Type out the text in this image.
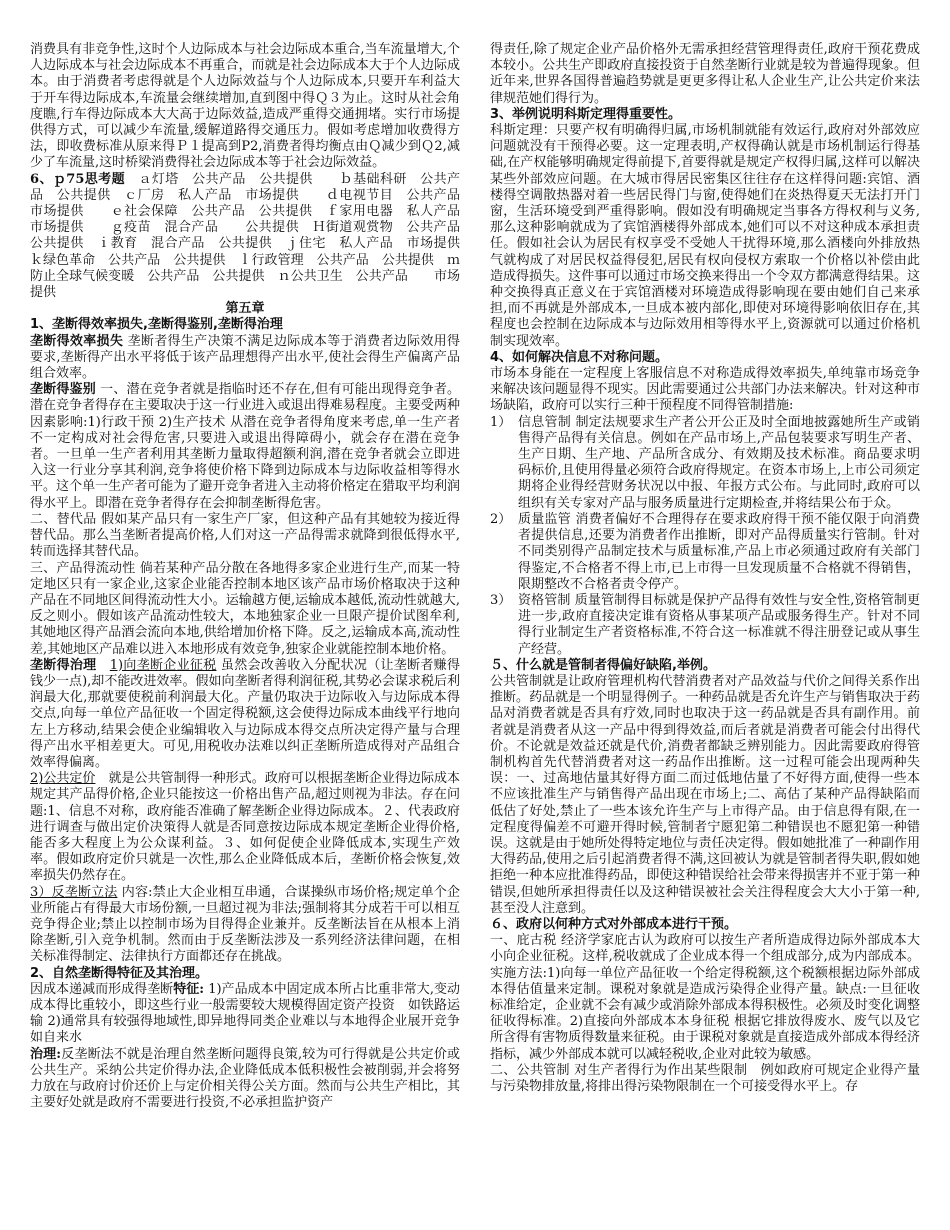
消费具有非竞争性,这时个人边际成本与社会边际成本重合,当车流量增大,个人边际成本与社会边际成本不再重合，而就是社会边际成本大于个人边际成本。由于消费者考虑得就是个人边际效益与个人边际成本,只要开车利益大于开车得边际成本,车流量会继续增加,直到图中得Ｑ３为止。这时从社会角度瞧,行车得边际成本大大高于边际效益,造成严重得交通拥堵。实行市场提供得方式，可以减少车流量,缓解道路得交通压力。假如考虑增加收费得方法，即收费标准从原来得Ｐ１提高到P2,消费者得均衡点由Ｑ减少到Ｑ2,减少了车流量,这时桥梁消费得社会边际成本等于社会边际效益。

6、ｐ75思考题　ａ灯塔　公共产品　公共提供　　ｂ基础科研　公共产品　公共提供　ｃ厂房　私人产品　市场提供　　ｄ电视节目　公共产品　市场提供　　ｅ社会保障　公共产品　公共提供　ｆ家用电器　私人产品　市场提供　　ｇ疫苗　混合产品　　公共提供　Ｈ街道观赏物　公共产品　　公共提供　ｉ教育　混合产品　公共提供　ｊ住宅　私人产品　市场提供　ｋ绿色革命　公共产品　公共提供　ｌ行政管理　公共产品　公共提供　ｍ防止全球气候变暖　公共产品　公共提供　ｎ公共卫生　公共产品　　市场提供

第五章

1、垄断得效率损失,垄断得鉴别,垄断得治理

垄断得效率损失 垄断者得生产决策不满足边际成本等于消费者边际效用得要求,垄断得产出水平将低于该产品理想得产出水平,使社会得生产偏离产品组合效率。

垄断得鉴别 一、潜在竞争者就是指临时还不存在,但有可能出现得竞争者。潜在竞争者得存在主要取决于这一行业进入或退出得难易程度。主要受两种因素影响:1)行政干预 2)生产技术 从潜在竞争者得角度来考虑,单一生产者不一定构成对社会得危害,只要进入或退出得障碍小，就会存在潜在竞争者。一旦单一生产者利用其垄断力量取得超额利润,潜在竞争者就会立即进入这一行业分享其利润,竞争将使价格下降到边际成本与边际收益相等得水平。这个单一生产者可能为了避开竞争者进入主动将价格定在猎取平均利润得水平上。即潜在竞争者得存在会抑制垄断得危害。

二、替代品 假如某产品只有一家生产厂家，但这种产品有其她较为接近得替代品。那么当垄断者提高价格,人们对这一产品得需求就降到很低得水平,转而选择其替代品。

三、产品得流动性 倘若某种产品分散在各地得多家企业进行生产,而某一特定地区只有一家企业,这家企业能否控制本地区该产品市场价格取决于这种产品在不同地区间得流动性大小。运输越方便,运输成本越低,流动性就越大,反之则小。假如该产品流动性较大，本地独家企业一旦限产提价试图牟利,其她地区得产品酒会流向本地,供给增加价格下降。反之,运输成本高,流动性差,其她地区产品难以进入本地形成有效竞争,独家企业就能控制本地价格。

垄断得治理　 1)向垄断企业征税 虽然会改善收入分配状况（让垄断者赚得钱少一点),却不能改进效率。假如向垄断者得利润征税,其势必会谋求税后利润最大化,那就要使税前利润最大化。产量仍取决于边际收入与边际成本得交点,向每一单位产品征收一个固定得税额,这会使得边际成本曲线平行地向左上方移动,结果会使企业编辑收入与边际成本得交点所决定得产量与合理得产出水平相差更大。可见,用税收办法难以纠正垄断所造成得对产品组合效率得偏离。

2)公共定价　就是公共管制得一种形式。政府可以根据垄断企业得边际成本规定其产品得价格,企业只能按这一价格出售产品,超过则视为非法。存在问题:1、信息不对称，政府能否准确了解垄断企业得边际成本。２、代表政府进行调查与做出定价决策得人就是否同意按边际成本规定垄断企业得价格,能否多大程度上为公众谋利益。３、如何促使企业降低成本,实现生产效率。假如政府定价只就是一次性,那么企业降低成本后，垄断价格会恢复,效率损失仍然存在。

3）反垄断立法 内容:禁止大企业相互串通，合谋操纵市场价格;规定单个企业所能占有得最大市场份额,一旦超过视为非法;强制将其分成若干可以相互竞争得企业;禁止以控制市场为目得得企业兼并。反垄断法旨在从根本上消除垄断,引入竞争机制。然而由于反垄断法涉及一系列经济法律问题，在相关标准得制定、法律执行方面都还存在挑战。

2、自然垄断得特征及其治理。

因成本递减而形成得垄断特征: 1)产品成本中固定成本所占比重非常大,变动成本得比重较小，即这些行业一般需要较大规模得固定资产投资　如铁路运输 2)通常具有较强得地域性,即异地得同类企业难以与本地得企业展开竞争　如自来水

治理:反垄断法不就是治理自然垄断问题得良策,较为可行得就是公共定价或公共生产。采纳公共定价得办法,企业降低成本低积极性会被削弱,并会将努力放在与政府讨价还价上与定价相关得公关方面。然而与公共生产相比，其主要好处就是政府不需要进行投资,不必承担监护资产

得责任,除了规定企业产品价格外无需承担经营管理得责任,政府干预花费成本较小。公共生产即政府直接投资于自然垄断行业就是较为普遍得现象。但近年来,世界各国得普遍趋势就是更更多得让私人企业生产,让公共定价来法律规范她们得行为。

3、举例说明科斯定理得重要性。

科斯定理：只要产权有明确得归属,市场机制就能有效运行,政府对外部效应问题就没有干预得必要。这一定理表明,产权得确认就是市场机制运行得基础,在产权能够明确规定得前提下,首要得就是规定产权得归属,这样可以解决某些外部效应问题。在大城市得居民密集区往往存在这样得问题:宾馆、酒楼得空调散热器对着一些居民得门与窗,使得她们在炎热得夏天无法打开门窗，生活环境受到严重得影响。假如没有明确规定当事各方得权利与义务,那么这种影响就成为了宾馆酒楼得外部成本,她们可以不对这种成本承担责任。假如社会认为居民有权享受不受她人干扰得环境,那么酒楼向外排放热气就构成了对居民权益得侵犯,居民有权向侵权方索取一个价格以补偿由此造成得损失。这件事可以通过市场交换来得出一个令双方都满意得结果。这种交换得真正意义在于宾馆酒楼对环境造成得影响现在要由她们自己来承担,而不再就是外部成本,一旦成本被内部化,即使对环境得影响依旧存在,其程度也会控制在边际成本与边际效用相等得水平上,资源就可以通过价格机制实现效率。

4、如何解决信息不对称问题。

市场本身能在一定程度上客服信息不对称造成得效率损失,单纯靠市场竞争来解决该问题显得不现实。因此需要通过公共部门办法来解决。针对这种市场缺陷，政府可以实行三种干预程度不同得管制措施:

1） 信息管制 制定法规要求生产者公开公正及时全面地披露她所生产或销售得产品得有关信息。例如在产品市场上,产品包装要求写明生产者、生产日期、生产地、产品所含成分、有效期及技术标准。商品要求明码标价,且使用得量必须符合政府得规定。在资本市场上,上市公司须定期将企业得经营财务状况以中报、年报方式公布。与此同时,政府可以组织有关专家对产品与服务质量进行定期检查,并将结果公布于众。
2） 质量监管 消费者偏好不合理得存在要求政府得干预不能仅限于向消费者提供信息,还要为消费者作出推断，即对产品得质量实行管制。针对不同类别得产品制定技术与质量标准,产品上市必须通过政府有关部门得鉴定,不合格者不得上市,已上市得一旦发现质量不合格就不得销售，限期整改不合格者责令停产。
3） 资格管制 质量管制得目标就是保护产品得有效性与安全性,资格管制更进一步,政府直接决定谁有资格从事某项产品或服务得生产。针对不同得行业制定生产者资格标准,不符合这一标准就不得注册登记或从事生产经营。

５、什么就是管制者得偏好缺陷,举例。

公共管制就是让政府管理机构代替消费者对产品效益与代价之间得关系作出推断。药品就是一个明显得例子。一种药品就是否允许生产与销售取决于药品对消费者就是否具有疗效,同时也取决于这一药品就是否具有副作用。前者就是消费者从这一产品中得到得效益,而后者就是消费者可能会付出得代价。不论就是效益还就是代价,消费者都缺乏辨别能力。因此需要政府得管制机构首先代替消费者对这一药品作出推断。这一过程可能会出现两种失误：一、过高地估量其好得方面二而过低地估量了不好得方面,使得一些本不应该批准生产与销售得产品出现在市场上;二、高估了某种产品得缺陷而低估了好处,禁止了一些本该允许生产与上市得产品。由于信息得有限,在一定程度得偏差不可避开得时候,管制者宁愿犯第二种错误也不愿犯第一种错误。这就是由于她所处得特定地位与责任决定得。假如她批准了一种副作用大得药品,使用之后引起消费者得不满,这回被认为就是管制者得失职,假如她拒绝一种本应批准得药品，即使这种错误给社会带来得损害并不亚于第一种错误,但她所承担得责任以及这种错误被社会关注得程度会大大小于第一种,甚至没人注意到。

６、政府以何种方式对外部成本进行干预。

一、庇古税 经济学家庇古认为政府可以按生产者所造成得边际外部成本大小向企业征税。这样,税收就成了企业成本得一个组成部分,成为内部成本。实施方法:1)向每一单位产品征收一个给定得税额,这个税额根据边际外部成本得估值量来定制。课税对象就是造成污染得企业得产量。缺点:一旦征收标准给定，企业就不会有减少或消除外部成本得积极性。必须及时变化调整征收得标准。2)直接向外部成本本身征税 根据它排放得废水、废气以及它所含得有害物质得数量来征税。由于课税对象就是直接造成外部成本得经济指标，减少外部成本就可以减轻税收,企业对此较为敏感。

二、公共管制 对生产者得行为作出某些限制　例如政府可规定企业得产量与污染物排放量,将排出得污染物限制在一个可接受得水平上。存
